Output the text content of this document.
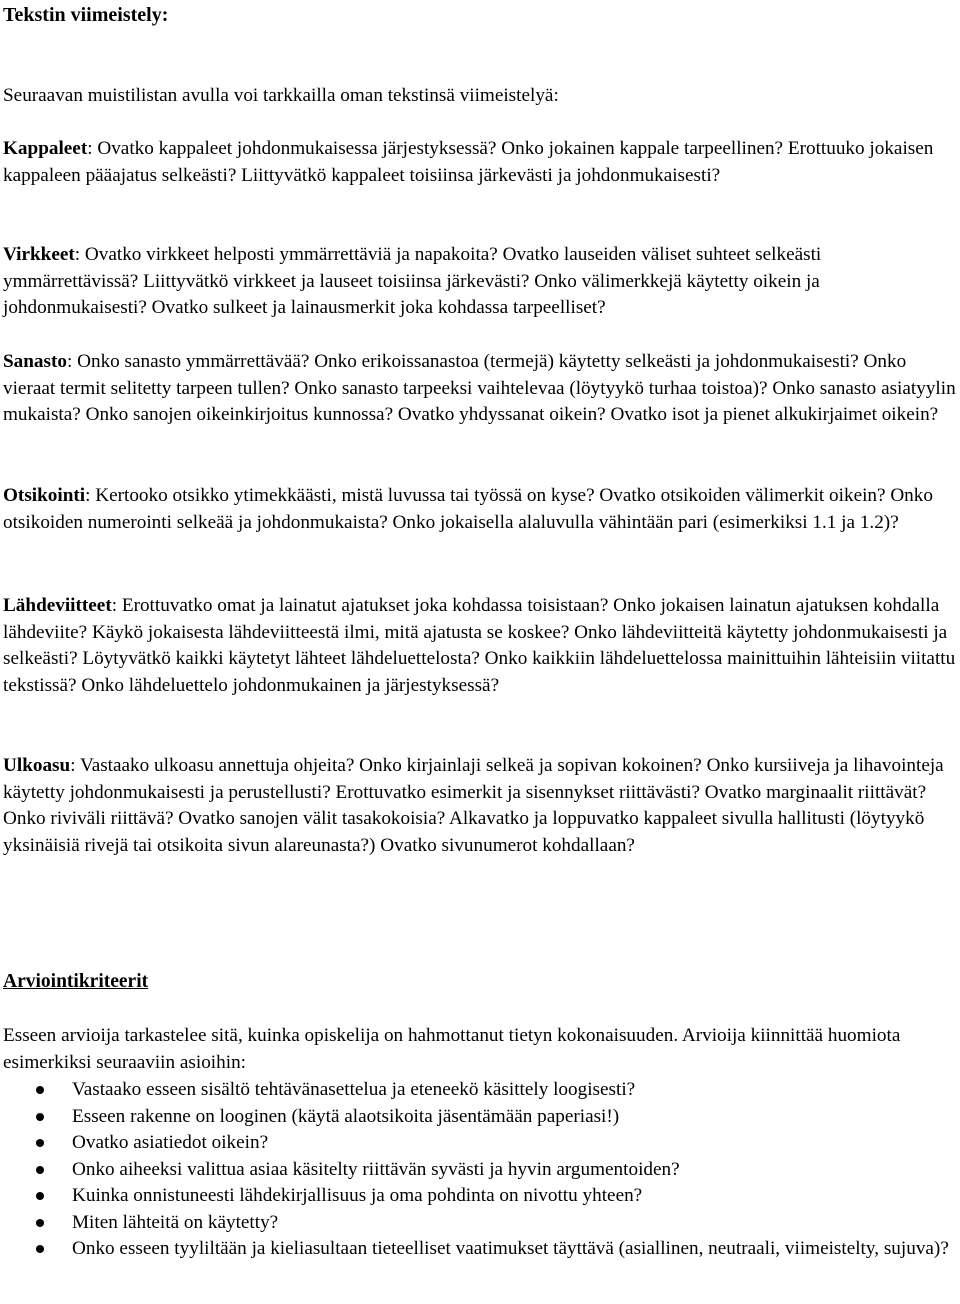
Tekstin viimeistely:

Seuraavan muistilistan avulla voi tarkkailla oman tekstinsä viimeistelyä:

Kappaleet: Ovatko kappaleet johdonmukaisessa järjestyksessä? Onko jokainen kappale tarpeellinen? Erottuuko jokaisen kappaleen pääajatus selkeästi? Liittyvätkö kappaleet toisiinsa järkevästi ja johdonmukaisesti?

Virkkeet: Ovatko virkkeet helposti ymmärrettäviä ja napakoita? Ovatko lauseiden väliset suhteet selkeästi ymmärrettävissä? Liittyvätkö virkkeet ja lauseet toisiinsa järkevästi? Onko välimerkkejä käytetty oikein ja johdonmukaisesti? Ovatko sulkeet ja lainausmerkit joka kohdassa tarpeelliset?

Sanasto: Onko sanasto ymmärrettävää? Onko erikoissanastoa (termejä) käytetty selkeästi ja johdonmukaisesti? Onko vieraat termit selitetty tarpeen tullen? Onko sanasto tarpeeksi vaihtelevaa (löytyykö turhaa toistoa)? Onko sanasto asiatyylin mukaista? Onko sanojen oikeinkirjoitus kunnossa? Ovatko yhdyssanat oikein? Ovatko isot ja pienet alkukirjaimet oikein?

Otsikointi: Kertooko otsikko ytimekkäästi, mistä luvussa tai työssä on kyse? Ovatko otsikoiden välimerkit oikein? Onko otsikoiden numerointi selkeää ja johdonmukaista? Onko jokaisella alaluvulla vähintään pari (esimerkiksi 1.1 ja 1.2)?

Lähdeviitteet: Erottuvatko omat ja lainatut ajatukset joka kohdassa toisistaan? Onko jokaisen lainatun ajatuksen kohdalla lähdeviite? Käykö jokaisesta lähdeviitteestä ilmi, mitä ajatusta se koskee? Onko lähdeviitteitä käytetty johdonmukaisesti ja selkeästi? Löytyvätkö kaikki käytetyt lähteet lähdeluettelosta? Onko kaikkiin lähdeluettelossa mainittuihin lähteisiin viitattu tekstissä? Onko lähdeluettelo johdonmukainen ja järjestyksessä?

Ulkoasu: Vastaako ulkoasu annettuja ohjeita? Onko kirjainlaji selkeä ja sopivan kokoinen? Onko kursiiveja ja lihavointeja käytetty johdonmukaisesti ja perustellusti? Erottuvatko esimerkit ja sisennykset riittävästi? Ovatko marginaalit riittävät? Onko riviväli riittävä? Ovatko sanojen välit tasakokoisia? Alkavatko ja loppuvatko kappaleet sivulla hallitusti (löytyykö yksinäisiä rivejä tai otsikoita sivun alareunasta?) Ovatko sivunumerot kohdallaan?

Arviointikriteerit

Esseen arvioija tarkastelee sitä, kuinka opiskelija on hahmottanut tietyn kokonaisuuden. Arvioija kiinnittää huomiota esimerkiksi seuraaviin asioihin:

Vastaako esseen sisältö tehtävänasettelua ja eteneekö käsittely loogisesti?
Esseen rakenne on looginen (käytä alaotsikoita jäsentämään paperiasi!)
Ovatko asiatiedot oikein?
Onko aiheeksi valittua asiaa käsitelty riittävän syvästi ja hyvin argumentoiden?
Kuinka onnistuneesti lähdekirjallisuus ja oma pohdinta on nivottu yhteen?
Miten lähteitä on käytetty?
Onko esseen tyyliltään ja kieliasultaan tieteelliset vaatimukset täyttävä (asiallinen, neutraali, viimeistelty, sujuva)?
